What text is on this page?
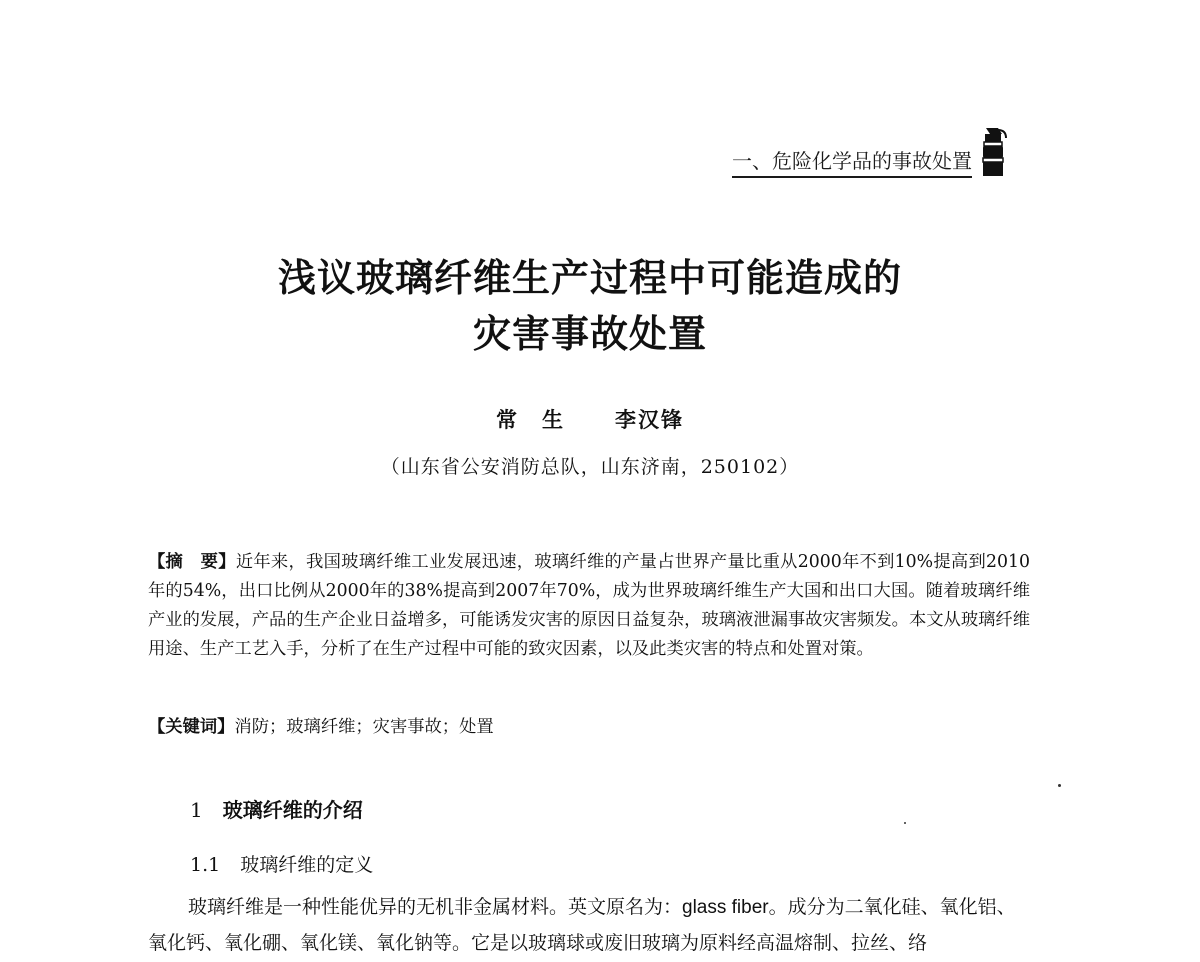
一、危险化学品的事故处置
浅议玻璃纤维生产过程中可能造成的
灾害事故处置
常　生 李汉锋
（山东省公安消防总队，山东济南，250102）
【摘　要】近年来，我国玻璃纤维工业发展迅速，玻璃纤维的产量占世界产量比重从2000年不到10%提高到2010年的54%，出口比例从2000年的38%提高到2007年70%，成为世界玻璃纤维生产大国和出口大国。随着玻璃纤维产业的发展，产品的生产企业日益增多，可能诱发灾害的原因日益复杂，玻璃液泄漏事故灾害频发。本文从玻璃纤维用途、生产工艺入手，分析了在生产过程中可能的致灾因素，以及此类灾害的特点和处置对策。
【关键词】消防；玻璃纤维；灾害事故；处置
1 玻璃纤维的介绍
1.1 玻璃纤维的定义
玻璃纤维是一种性能优异的无机非金属材料。英文原名为：glass fiber。成分为二氧化硅、氧化铝、氧化钙、氧化硼、氧化镁、氧化钠等。它是以玻璃球或废旧玻璃为原料经高温熔制、拉丝、络
